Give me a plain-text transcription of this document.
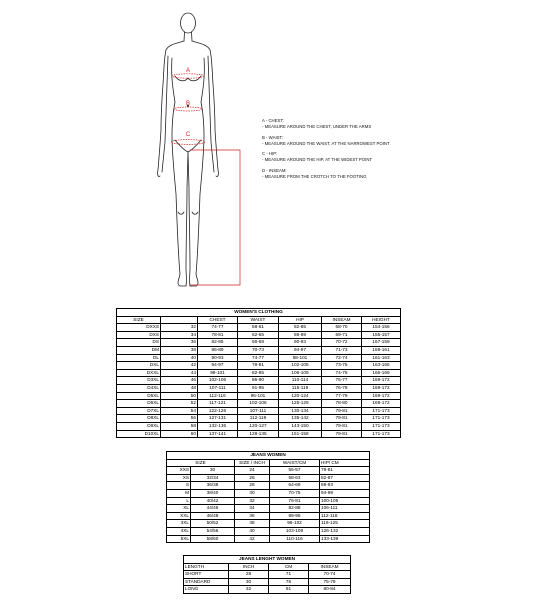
A
B
C
A - CHEST:
- MEASURE AROUND THE CHEST, UNDER THE ARMS
B - WAIST:
- MEASURE AROUND THE WAIST, AT THE NARROWEST POINT
C - HIP:
- MEASURE AROUND THE HIP, AT THE WIDEST POINT
D - INSEAM:
- MEASURE FROM THE CROTCH TO THE FOOTING
WOMEN'S CLOTHING						
SIZE		CHEST	WAIST	HIP	INSEAM	HEIGHT
DXXS	32	74-77	58-61	82-85	68-70	154-156
DXS	34	78-81	62-65	86-89	69-71	155-157
DS	36	82-85	66-69	90-93	70-72	157-159
DM	38	86-89	70-73	94-97	71-73	159-161
DL	40	90-93	74-77	98-101	72-74	161-163
DXL	42	94-97	78-81	102-105	73-75	163-165
DXXL	44	98-101	82-85	106-109	74-76	166-169
D3XL	46	102-106	86-90	110-114	75-77	169-172
D4XL	48	107-111	91-95	115-119	76-78	169-172
D5XL	50	112-116	96-101	120-124	77-79	169-172
D6XL	52	117-121	102-106	125-129	78-80	169-172
D7XL	54	122-126	107-111	130-134	79-81	171-173
D8XL	56	127-131	112-119	135-142	79-81	171-173
D9XL	58	132-136	120-127	143-150	79-81	171-173
D10XL	60	137-141	128-135	151-158	79-81	171-173
JEANS WOMEN				
SIZE		SIZE / INCH	WAIST/CM	HIP/ CM
XXS	30	24	55-57	79-81
XS	32/34	26	58-63	82-87
S	36/38	28	64-69	88-93
M	38/40	30	70-75	94-99
L	40/42	32	76-81	100-105
XL	44/46	34	82-88	106-111
XXL	46/48	36	89-95	112-118
3XL	50/52	38	96-102	119-125
4XL	54/56	40	103-109	126-132
5XL	58/60	42	110-116	133-139
JEANS LENGHT WOMEN			
LENGTH	INCH	CM	INSEAM
SHORT	28	71	70-74
STANDARD	30	76	75-79
LONG	32	81	80-84
